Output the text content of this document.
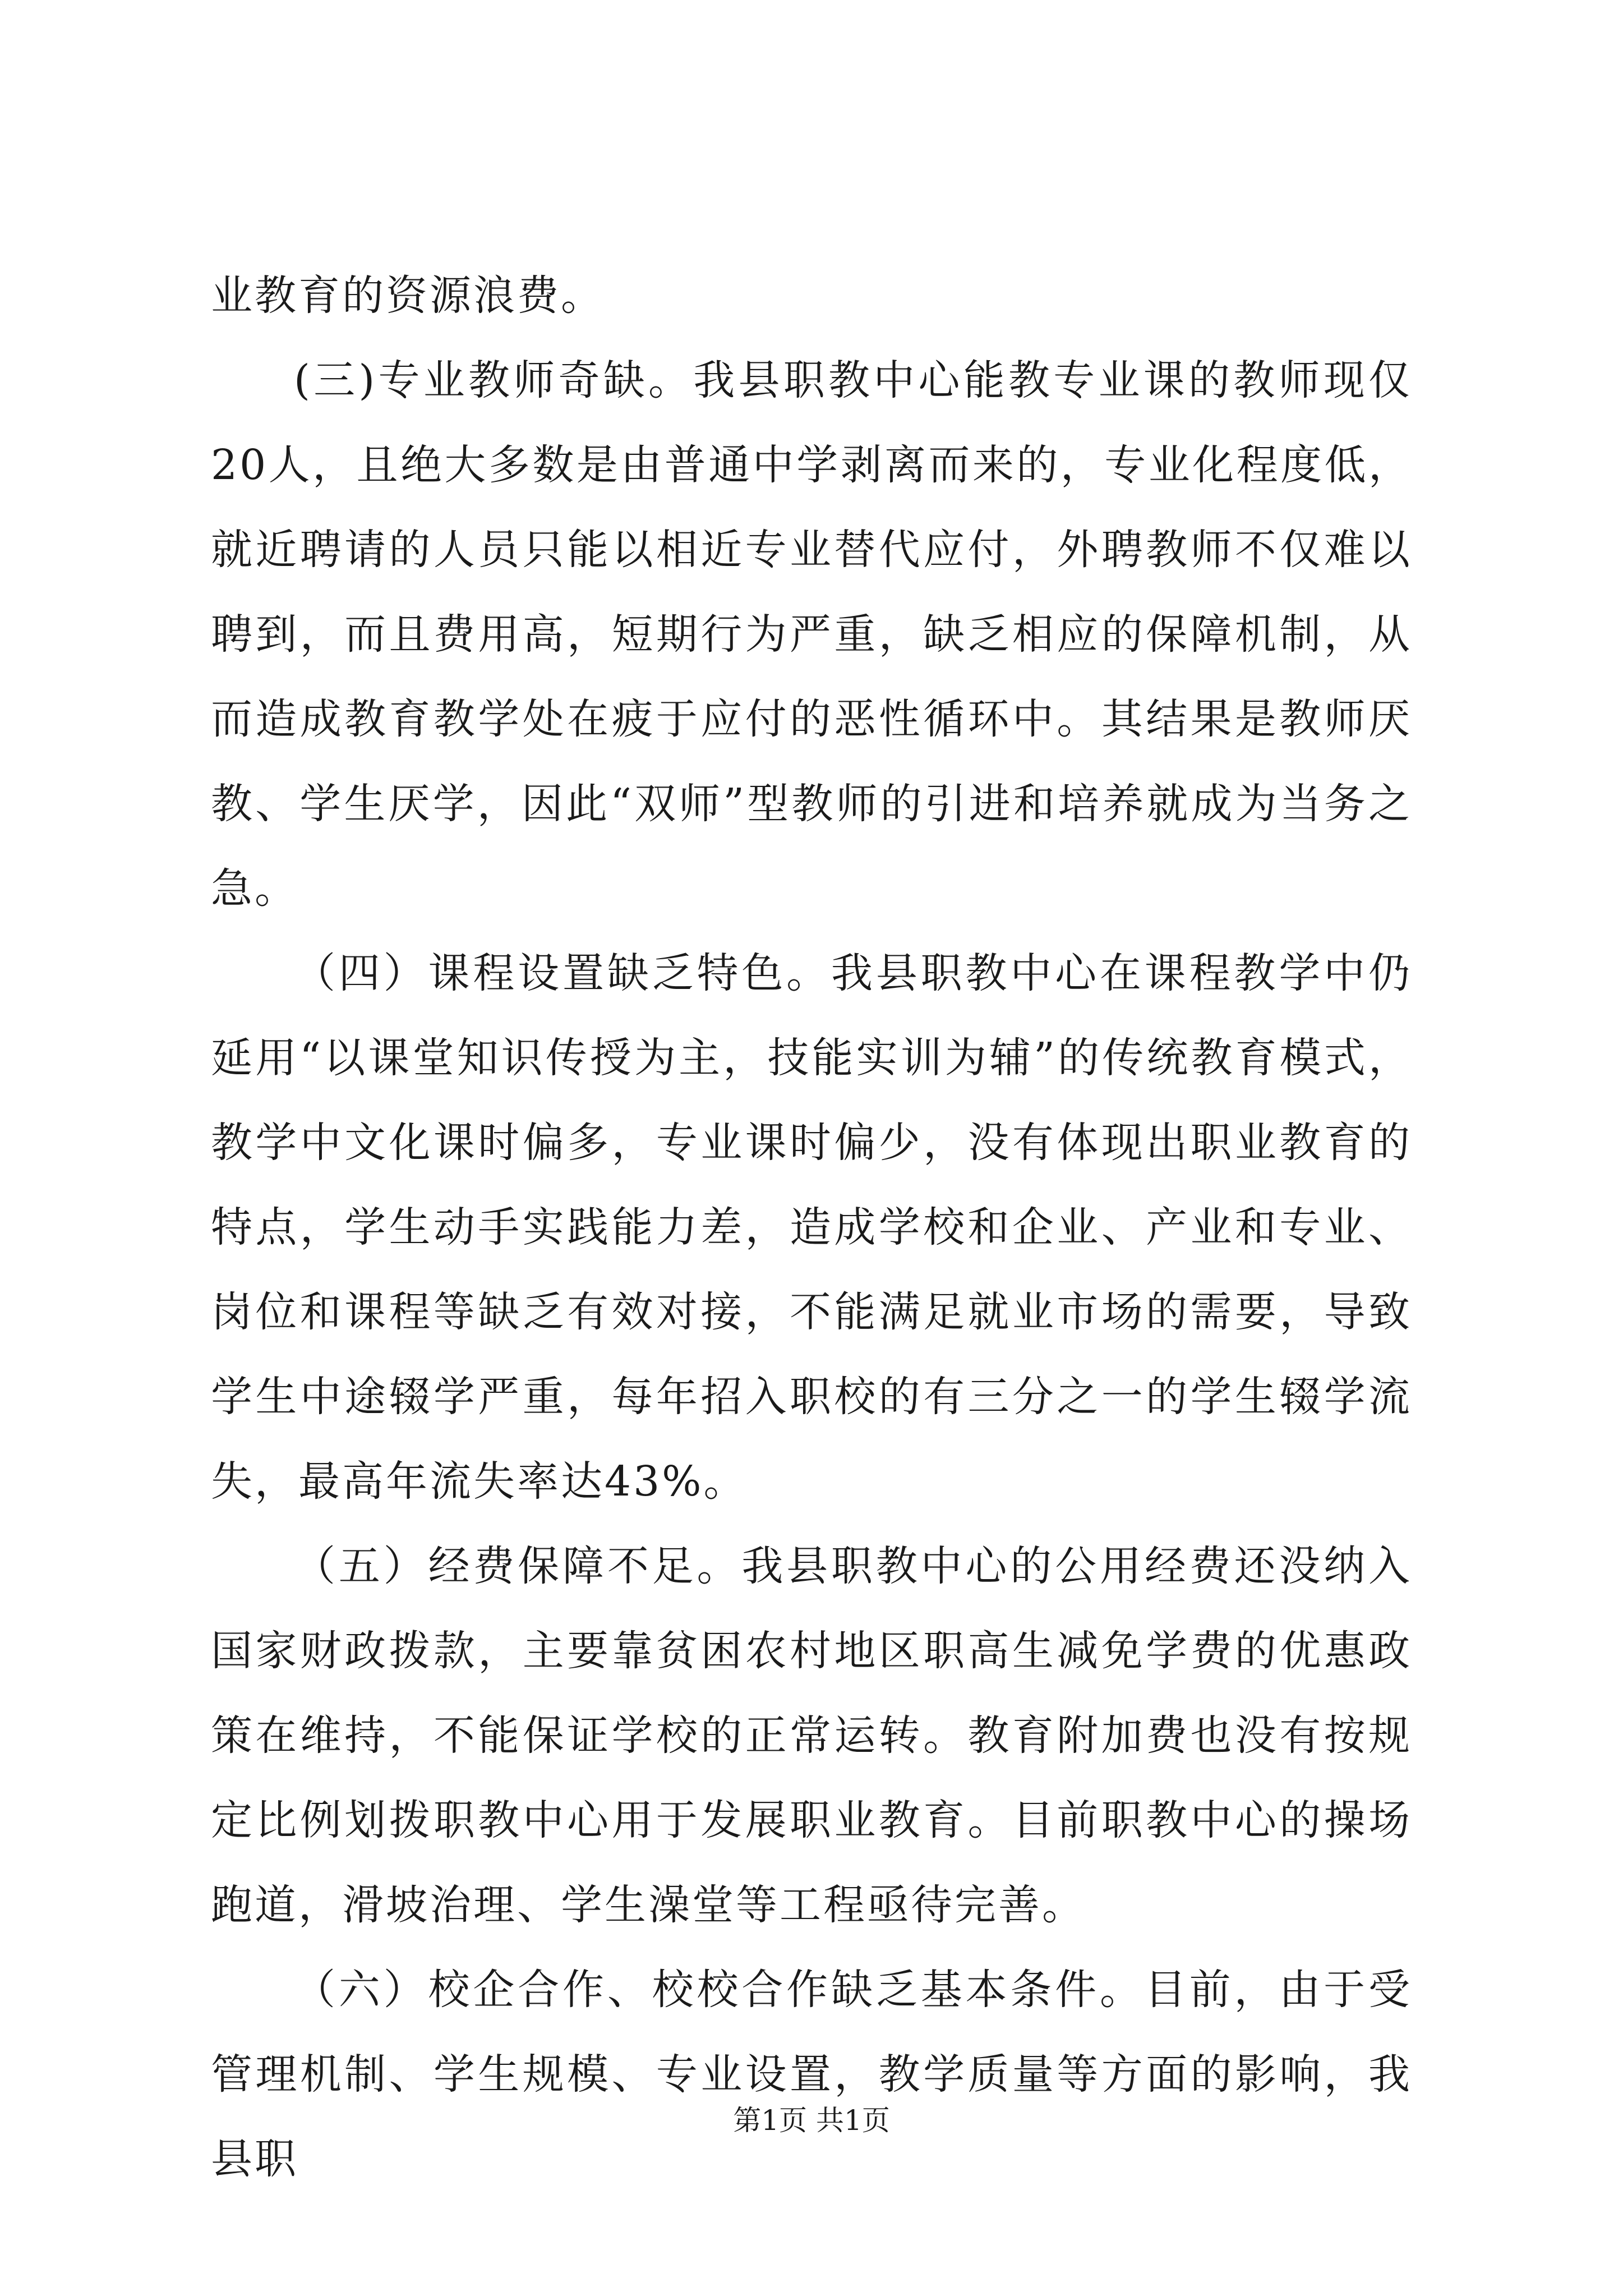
业教育的资源浪费。

(三)专业教师奇缺。我县职教中心能教专业课的教师现仅20人，且绝大多数是由普通中学剥离而来的，专业化程度低，就近聘请的人员只能以相近专业替代应付，外聘教师不仅难以聘到，而且费用高，短期行为严重，缺乏相应的保障机制，从而造成教育教学处在疲于应付的恶性循环中。其结果是教师厌教、学生厌学，因此“双师”型教师的引进和培养就成为当务之急。

（四）课程设置缺乏特色。我县职教中心在课程教学中仍延用“以课堂知识传授为主，技能实训为辅”的传统教育模式，教学中文化课时偏多，专业课时偏少，没有体现出职业教育的特点，学生动手实践能力差，造成学校和企业、产业和专业、岗位和课程等缺乏有效对接，不能满足就业市场的需要，导致学生中途辍学严重，每年招入职校的有三分之一的学生辍学流失，最高年流失率达43%。

（五）经费保障不足。我县职教中心的公用经费还没纳入国家财政拨款，主要靠贫困农村地区职高生减免学费的优惠政策在维持，不能保证学校的正常运转。教育附加费也没有按规定比例划拨职教中心用于发展职业教育。目前职教中心的操场跑道，滑坡治理、学生澡堂等工程亟待完善。

（六）校企合作、校校合作缺乏基本条件。目前，由于受管理机制、学生规模、专业设置，教学质量等方面的影响，我县职

第1页 共1页
